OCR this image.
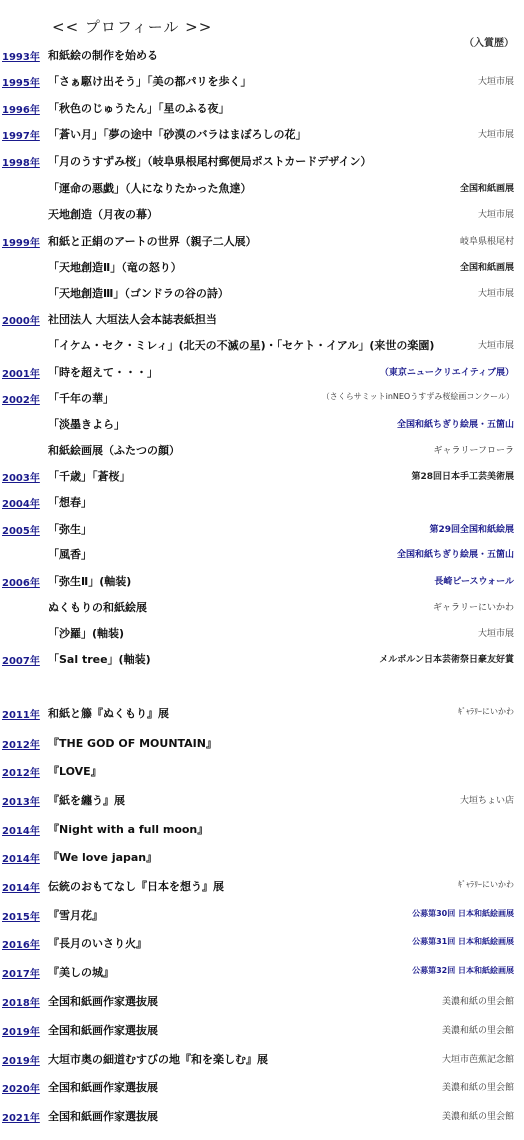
<< プロフィール >>
（入賞歴）
1993年 和紙絵の制作を始める
1995年 「さぁ駆け出そう」「美の都パリを歩く」	大垣市展
1996年 「秋色のじゅうたん」「星のふる夜」
1997年 「蒼い月」「夢の途中「砂漠のバラはまぼろしの花」	大垣市展
1998年 「月のうすずみ桜」（岐阜県根尾村郵便局ポストカードデザイン）
「運命の悪戯」（人になりたかった魚達）	全国和紙画展
天地創造（月夜の幕）	大垣市展
1999年 和紙と正絹のアートの世界（親子二人展）	岐阜県根尾村
「天地創造Ⅱ」（竜の怒り）	全国和紙画展
「天地創造Ⅲ」（ゴンドラの谷の詩）	大垣市展
2000年 社団法人 大垣法人会本誌表紙担当
「イケム・セク・ミレィ」(北天の不滅の星)・「セケト・イアル」(来世の楽園)	大垣市展
2001年 「時を超えて・・・」	（東京ニュークリエイティブ展）
2002年 「千年の華」	（さくらサミットinNEOうすずみ桜絵画コンクール）
「淡墨きよら」	全国和紙ちぎり絵展・五箇山
和紙絵画展（ふたつの顔）	ギャラリーフローラ
2003年 「千歳」「蒼桜」	第28回日本手工芸美術展
2004年 「想春」
2005年 「弥生」	第29回全国和紙絵展
「風香」	全国和紙ちぎり絵展・五箇山
2006年 「弥生Ⅱ」(軸装)	長崎ピースウォール
ぬくもりの和紙絵展	ギャラリーにいかわ
「沙羅」(軸装)	大垣市展
2007年 「Sal tree」(軸装)	メルボルン日本芸術祭日豪友好賞
2011年 和紙と籐『ぬくもり』展	ｷﾞｬﾗﾘｰにいかわ
2012年 『THE GOD OF MOUNTAIN』
2012年 『LOVE』
2013年 『紙を纏う』展	大垣ちょい店
2014年 『Night with a full moon』
2014年 『We love japan』
2014年 伝統のおもてなし『日本を想う』展	ｷﾞｬﾗﾘｰにいかわ
2015年 『雪月花』	公募第30回 日本和紙絵画展
2016年 『長月のいさり火』	公募第31回 日本和紙絵画展
2017年 『美しの城』	公募第32回 日本和紙絵画展
2018年 全国和紙画作家選抜展	美濃和紙の里会館
2019年 全国和紙画作家選抜展	美濃和紙の里会館
2019年 大垣市奥の細道むすびの地『和を楽しむ』展	大垣市芭蕉記念館
2020年 全国和紙画作家選抜展	美濃和紙の里会館
2021年 全国和紙画作家選抜展	美濃和紙の里会館
